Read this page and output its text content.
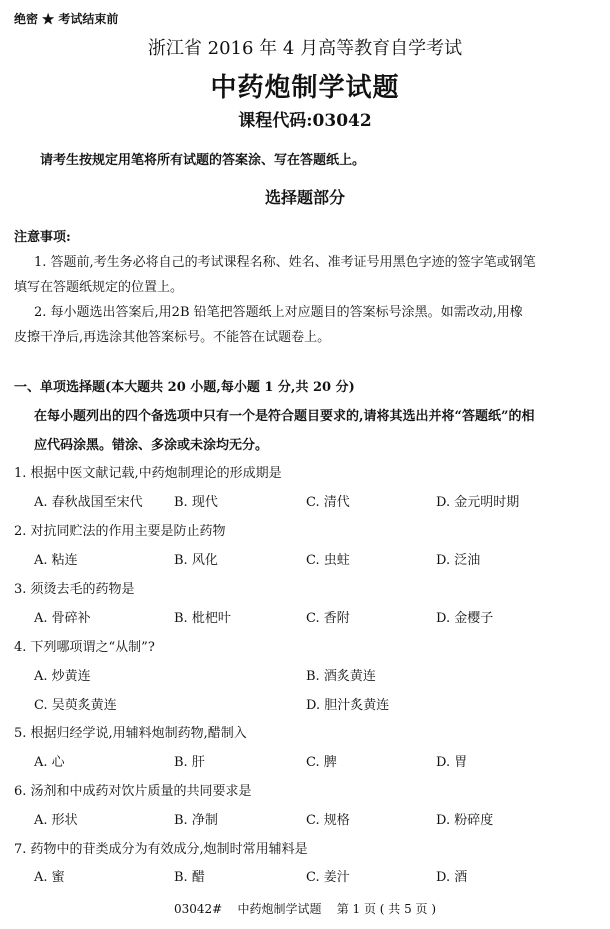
绝密 ★ 考试结束前
浙江省 2016 年 4 月高等教育自学考试
中药炮制学试题
课程代码:03042
请考生按规定用笔将所有试题的答案涂、写在答题纸上。
选择题部分
注意事项:
1. 答题前,考生务必将自己的考试课程名称、姓名、准考证号用黑色字迹的签字笔或钢笔
填写在答题纸规定的位置上。
2. 每小题选出答案后,用2B 铅笔把答题纸上对应题目的答案标号涂黑。如需改动,用橡
皮擦干净后,再选涂其他答案标号。不能答在试题卷上。
一、单项选择题(本大题共 20 小题,每小题 1 分,共 20 分)
在每小题列出的四个备选项中只有一个是符合题目要求的,请将其选出并将“答题纸”的相
应代码涂黑。错涂、多涂或未涂均无分。
1. 根据中医文献记载,中药炮制理论的形成期是
A. 春秋战国至宋代 B. 现代	C. 清代	D. 金元明时期
2. 对抗同贮法的作用主要是防止药物
A. 粘连	B. 风化	C. 虫蛀	D. 泛油
3. 须烫去毛的药物是
A. 骨碎补	B. 枇杷叶	C. 香附	D. 金樱子
4. 下列哪项谓之“从制”?
A. 炒黄连	B. 酒炙黄连
C. 吴萸炙黄连	D. 胆汁炙黄连
5. 根据归经学说,用辅料炮制药物,醋制入
A. 心	B. 肝	C. 脾	D. 胃
6. 汤剂和中成药对饮片质量的共同要求是
A. 形状	B. 净制	C. 规格	D. 粉碎度
7. 药物中的苷类成分为有效成分,炮制时常用辅料是
A. 蜜	B. 醋	C. 姜汁	D. 酒
03042#    中药炮制学试题    第 1 页 ( 共 5 页 )
